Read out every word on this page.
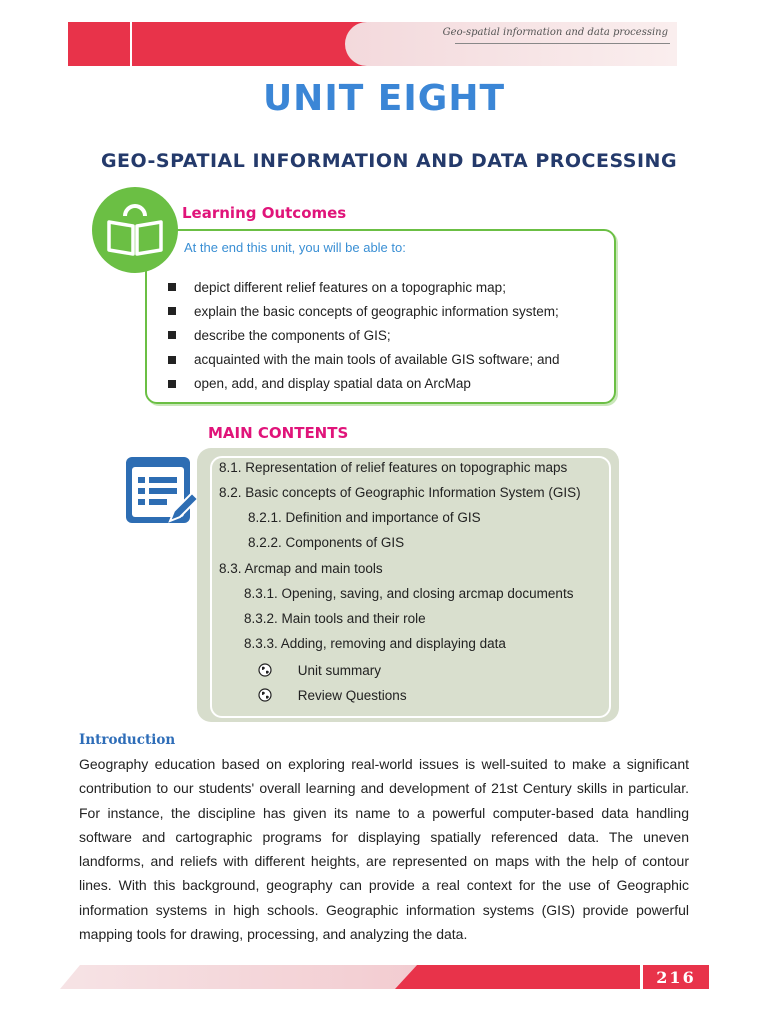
Geo-spatial information and data processing
UNIT EIGHT
GEO-SPATIAL INFORMATION AND DATA PROCESSING
Learning Outcomes
At the end this unit, you will be able to:
depict different relief features on a topographic map;
explain the basic concepts of geographic information system;
describe the components of GIS;
acquainted with the main tools of available GIS software; and
open, add, and display spatial data on ArcMap
MAIN CONTENTS
8.1. Representation of relief features on topographic maps
8.2. Basic concepts of Geographic Information System (GIS)
8.2.1. Definition and importance of GIS
8.2.2. Components of GIS
8.3. Arcmap and main tools
8.3.1. Opening, saving, and closing arcmap documents
8.3.2. Main tools and their role
8.3.3. Adding, removing and displaying data
Unit summary
Review Questions
Introduction

Geography education based on exploring real-world issues is well-suited to make a significant contribution to our students' overall learning and development of 21st Century skills in particular. For instance, the discipline has given its name to a powerful computer-based data handling software and cartographic programs for displaying spatially referenced data. The uneven landforms, and reliefs with different heights, are represented on maps with the help of contour lines. With this background, geography can provide a real context for the use of Geographic information systems in high schools. Geographic information systems (GIS) provide powerful mapping tools for drawing, processing, and analyzing the data.

216
